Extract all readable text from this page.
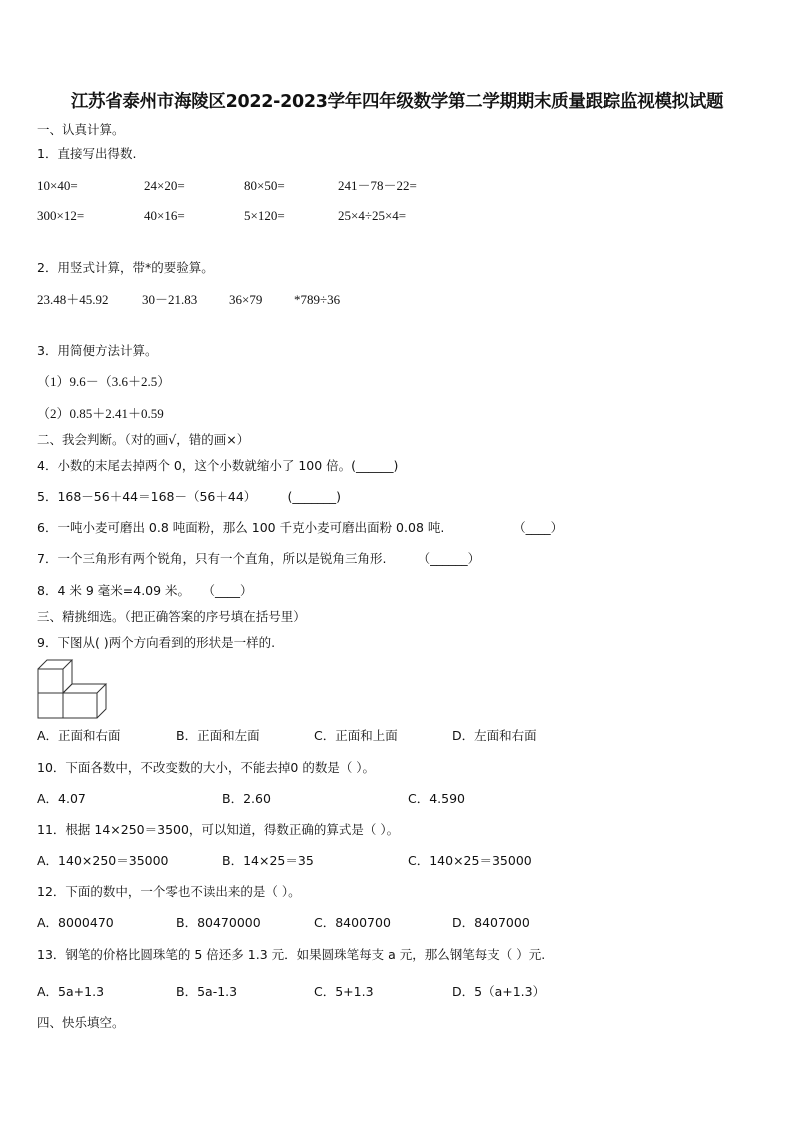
江苏省泰州市海陵区2022-2023学年四年级数学第二学期期末质量跟踪监视模拟试题
一、认真计算。
1．直接写出得数.
10×40=	24×20=	80×50=	241－78－22=
300×12=	40×16=	5×120=	25×4÷25×4=
2．用竖式计算，带*的要验算。
23.48＋45.92	30－21.83 36×79 *789÷36
3．用简便方法计算。
（1）9.6－（3.6＋2.5）
（2）0.85＋2.41＋0.59
二、我会判断。（对的画√，错的画×）
4．小数的末尾去掉两个 0，这个小数就缩小了 100 倍。(______)
5．168－56＋44＝168－（56＋44）　　　(_______)
6．一吨小麦可磨出 0.8 吨面粉，那么 100 千克小麦可磨出面粉 0.08 吨.　　　　　　（____）
7．一个三角形有两个锐角，只有一个直角，所以是锐角三角形.　　　（______）
8．4 米 9 毫米=4.09 米。　　（____）
三、精挑细选。（把正确答案的序号填在括号里）
9．下图从( )两个方向看到的形状是一样的.
A．正面和右面	B．正面和左面	C．正面和上面	D．左面和右面
10．下面各数中，不改变数的大小，不能去掉0 的数是（ ）。
A．4.07	B．2.60	C．4.590
11．根据 14×250＝3500，可以知道，得数正确的算式是（ ）。
A．140×250＝35000	B．14×25＝35	C．140×25＝35000
12．下面的数中，一个零也不读出来的是（ ）。
A．8000470	B．80470000	C．8400700	D．8407000
13．钢笔的价格比圆珠笔的 5 倍还多 1.3 元．如果圆珠笔每支 a 元，那么钢笔每支（ ）元.
A．5a+1.3	B．5a-1.3	C．5+1.3	D．5（a+1.3）
四、快乐填空。
